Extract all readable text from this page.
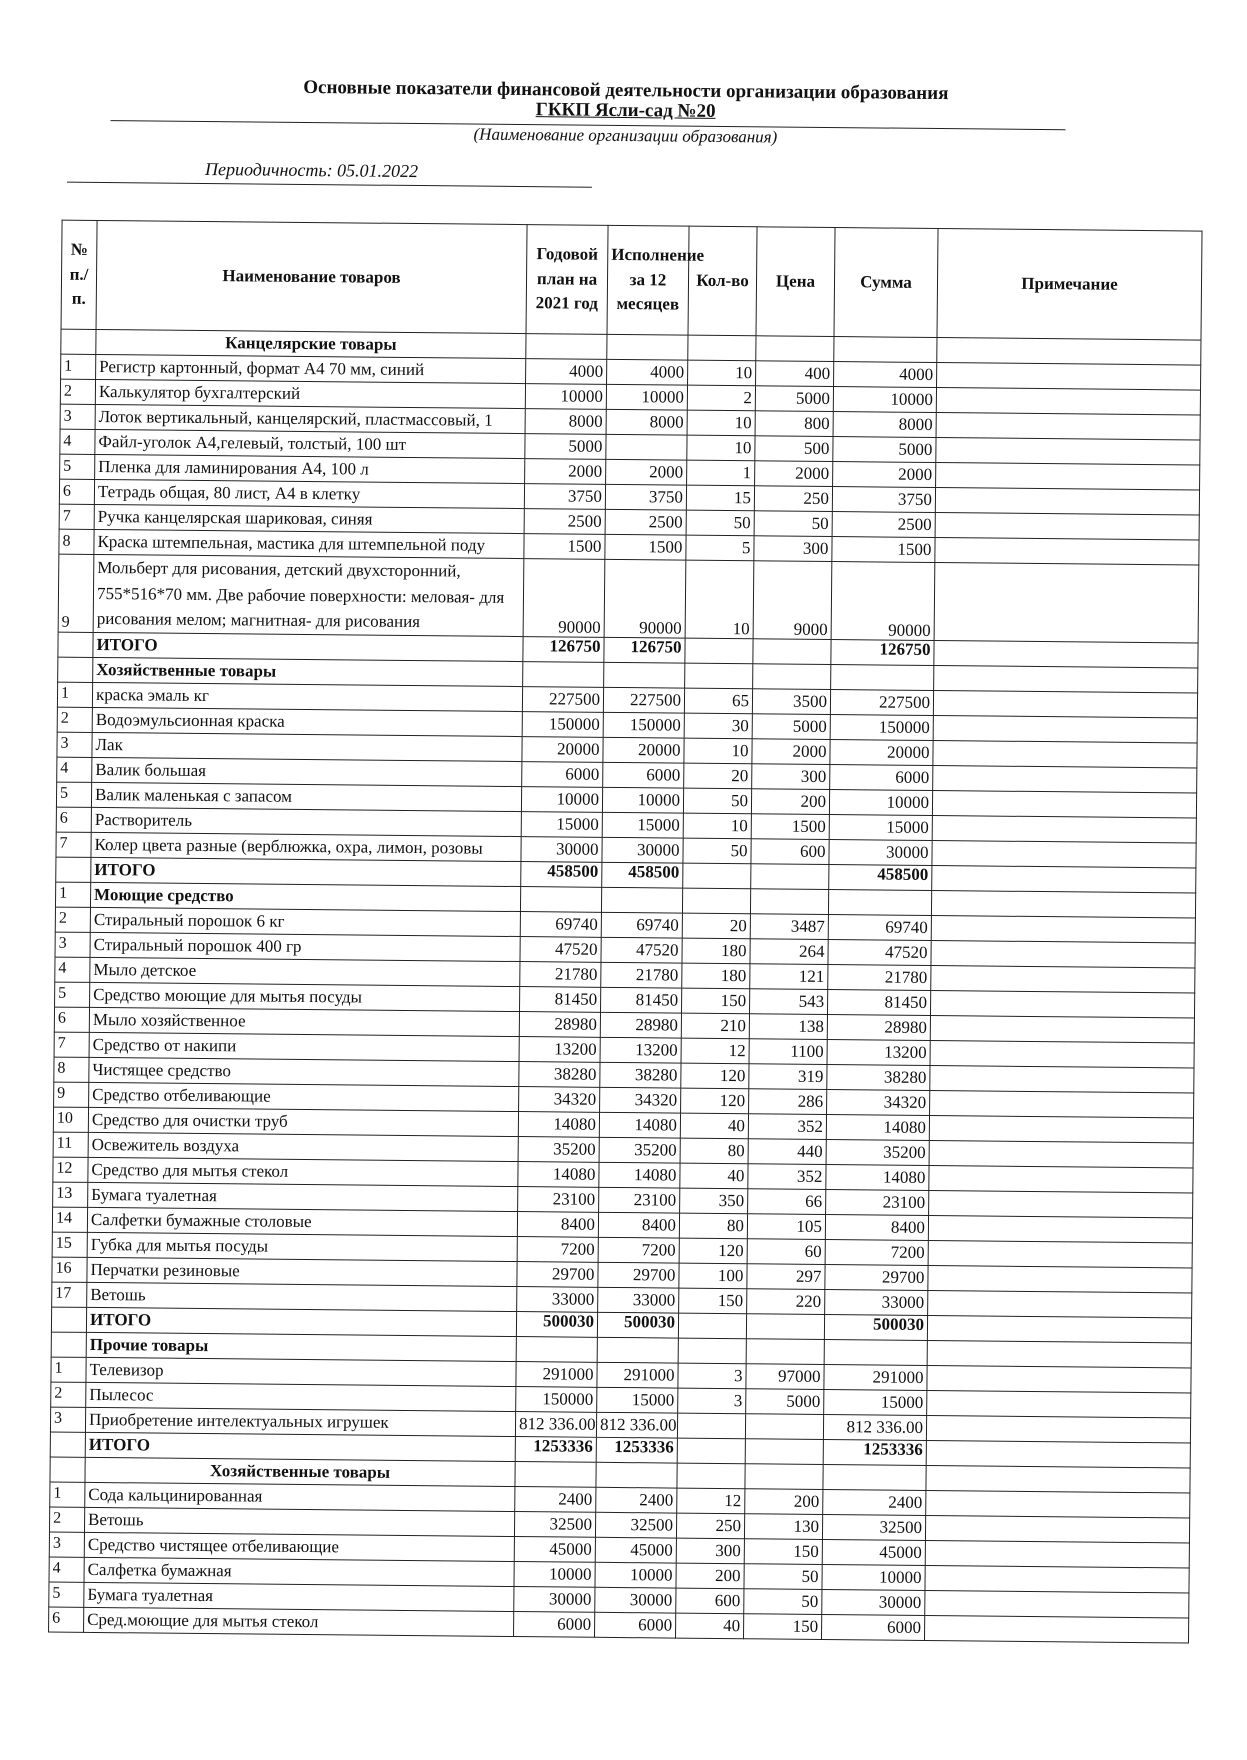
Основные показатели финансовой деятельности организации образования
ГККП Ясли-сад №20
(Наименование организации образования)
Периодичность: 05.01.2022
№ п./п.	Наименование товаров	Годовой план на 2021 год	Исполнение за 12 месяцев	Кол-во	Цена	Сумма	Примечание
	Канцелярские товары						
1	Регистр картонный, формат А4 70 мм, синий	4000	4000	10	400	4000	
2	Калькулятор бухгалтерский	10000	10000	2	5000	10000	
3	Лоток вертикальный, канцелярский, пластмассовый, 1	8000	8000	10	800	8000	
4	Файл-уголок А4,гелевый, толстый, 100 шт	5000		10	500	5000	
5	Пленка для ламинирования А4, 100 л	2000	2000	1	2000	2000	
6	Тетрадь общая, 80 лист, А4 в клетку	3750	3750	15	250	3750	
7	Ручка канцелярская шариковая, синяя	2500	2500	50	50	2500	
8	Краска штемпельная, мастика для штемпельной поду	1500	1500	5	300	1500	
9	Мольберт для рисования, детский двухсторонний, 755*516*70 мм. Две рабочие поверхности: меловая- для рисования мелом; магнитная- для рисования	90000	90000	10	9000	90000	
	ИТОГО	126750	126750			126750	
	Хозяйственные товары						
1	краска эмаль кг	227500	227500	65	3500	227500	
2	Водоэмульсионная краска	150000	150000	30	5000	150000	
3	Лак	20000	20000	10	2000	20000	
4	Валик большая	6000	6000	20	300	6000	
5	Валик маленькая с запасом	10000	10000	50	200	10000	
6	Растворитель	15000	15000	10	1500	15000	
7	Колер цвета разные (верблюжка, охра, лимон, розовы	30000	30000	50	600	30000	
	ИТОГО	458500	458500			458500	
1	Моющие средство						
2	Стиральный порошок 6 кг	69740	69740	20	3487	69740	
3	Стиральный порошок 400 гр	47520	47520	180	264	47520	
4	Мыло детское	21780	21780	180	121	21780	
5	Средство моющие для мытья посуды	81450	81450	150	543	81450	
6	Мыло хозяйственное	28980	28980	210	138	28980	
7	Средство от накипи	13200	13200	12	1100	13200	
8	Чистящее средство	38280	38280	120	319	38280	
9	Средство отбеливающие	34320	34320	120	286	34320	
10	Средство для очистки труб	14080	14080	40	352	14080	
11	Освежитель воздуха	35200	35200	80	440	35200	
12	Средство для мытья стекол	14080	14080	40	352	14080	
13	Бумага туалетная	23100	23100	350	66	23100	
14	Салфетки бумажные столовые	8400	8400	80	105	8400	
15	Губка для мытья посуды	7200	7200	120	60	7200	
16	Перчатки резиновые	29700	29700	100	297	29700	
17	Ветошь	33000	33000	150	220	33000	
	ИТОГО	500030	500030			500030	
	Прочие товары						
1	Телевизор	291000	291000	3	97000	291000	
2	Пылесос	150000	15000	3	5000	15000	
3	Приобретение интелектуальных игрушек	812 336.00	812 336.00			812 336.00	
	ИТОГО	1253336	1253336			1253336	
	Хозяйственные товары						
1	Сода кальцинированная	2400	2400	12	200	2400	
2	Ветошь	32500	32500	250	130	32500	
3	Средство чистящее отбеливающие	45000	45000	300	150	45000	
4	Салфетка бумажная	10000	10000	200	50	10000	
5	Бумага туалетная	30000	30000	600	50	30000	
6	Сред.моющие для мытья стекол	6000	6000	40	150	6000	
